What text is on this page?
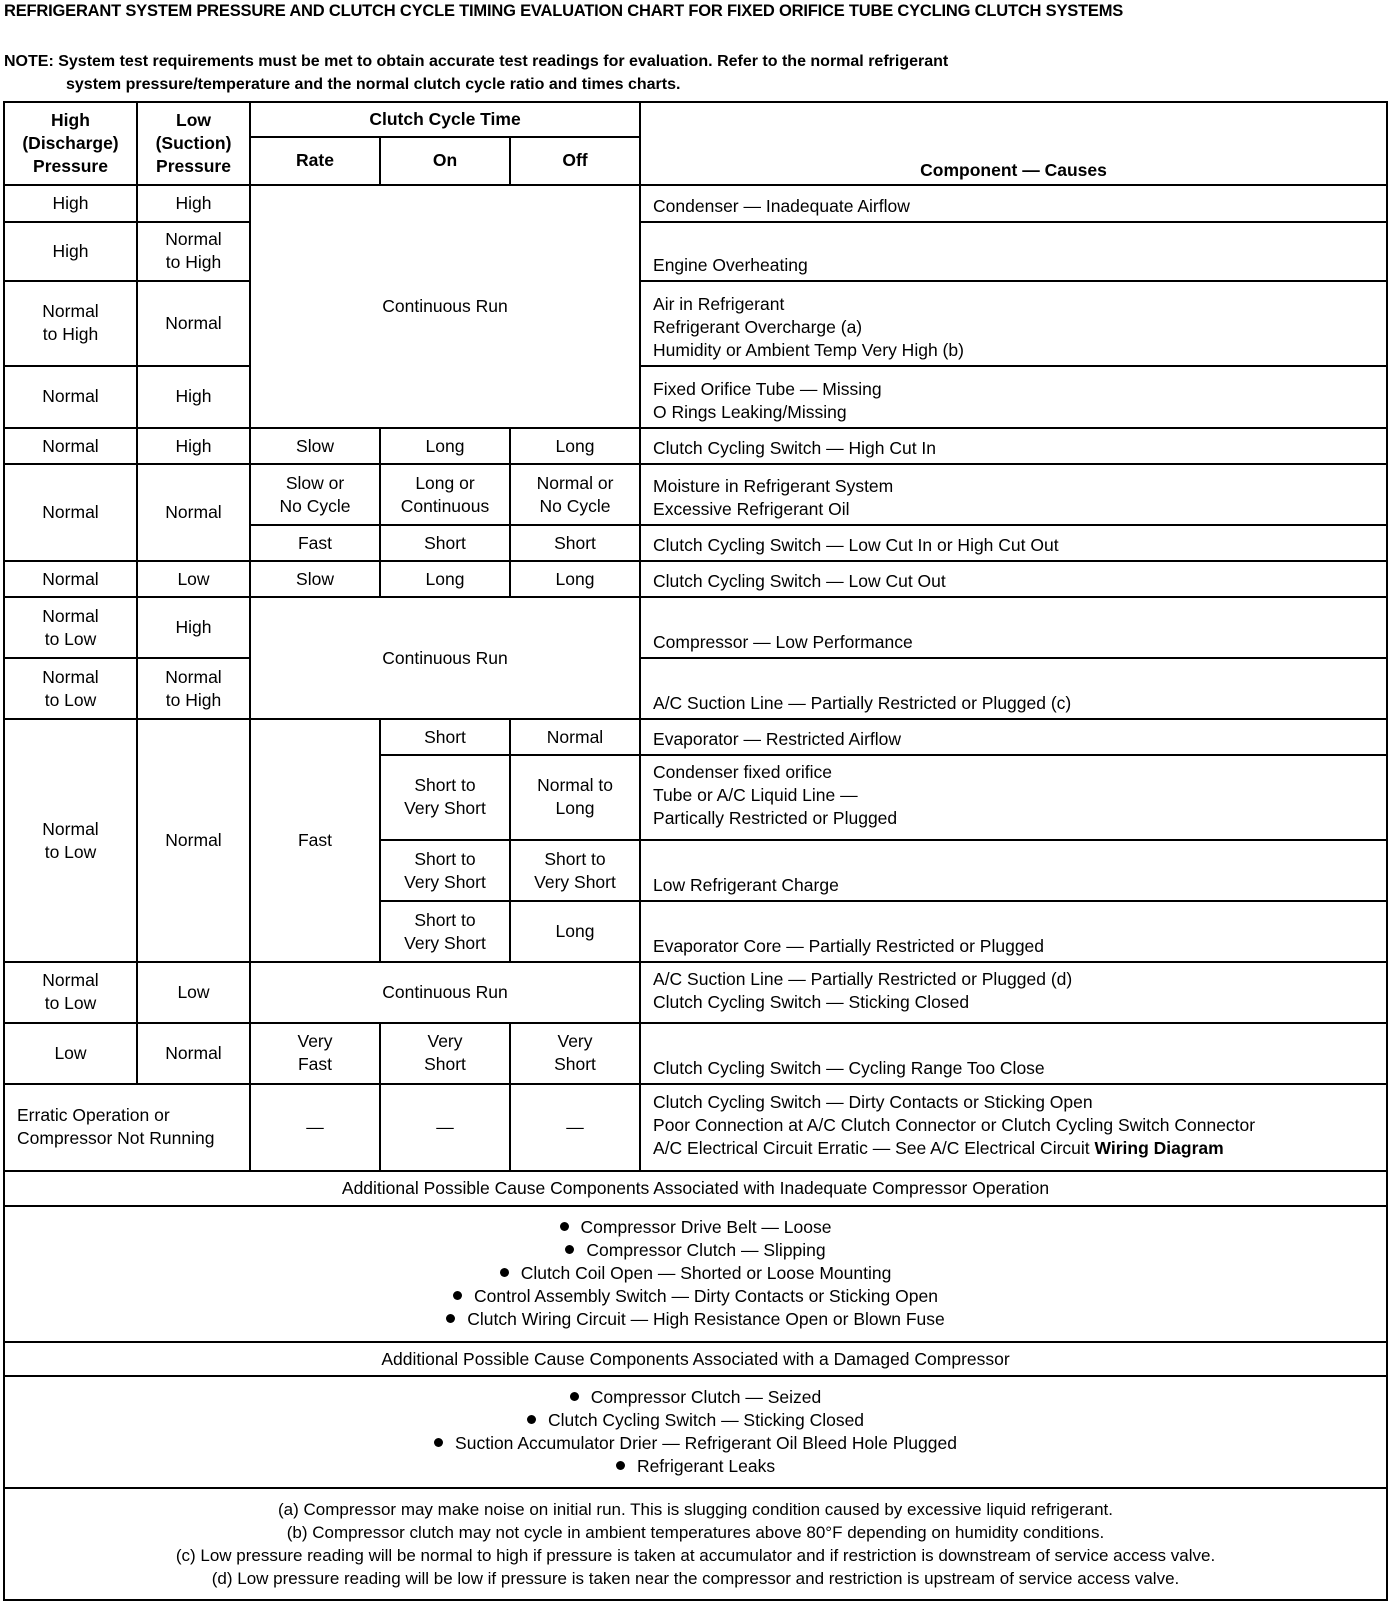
REFRIGERANT SYSTEM PRESSURE AND CLUTCH CYCLE TIMING EVALUATION CHART FOR FIXED ORIFICE TUBE CYCLING CLUTCH SYSTEMS
NOTE: System test requirements must be met to obtain accurate test readings for evaluation. Refer to the normal refrigerant
system pressure/temperature and the normal clutch cycle ratio and times charts.
High
(Discharge)
Pressure	Low
(Suction)
Pressure	Clutch Cycle Time			Component — Causes
		Rate	On	Off	

High	High	Continuous Run			Condenser — Inadequate Airflow

High	Normal
to High				Engine Overheating

Normal
to High	Normal				Air in Refrigerant
Refrigerant Overcharge (a)
Humidity or Ambient Temp Very High (b)

Normal	High				Fixed Orifice Tube — Missing
O Rings Leaking/Missing

Normal	High	Slow	Long	Long	Clutch Cycling Switch — High Cut In

Normal	Normal	Slow or
No Cycle	Long or
Continuous	Normal or
No Cycle	Moisture in Refrigerant System
Excessive Refrigerant Oil

		Fast	Short	Short	Clutch Cycling Switch — Low Cut In or High Cut Out

Normal	Low	Slow	Long	Long	Clutch Cycling Switch — Low Cut Out

Normal
to Low	High	Continuous Run			Compressor — Low Performance

Normal
to Low	Normal
to High				A/C Suction Line — Partially Restricted or Plugged (c)

Normal
to Low	Normal	Fast	Short	Normal	Evaporator — Restricted Airflow

			Short to
Very Short	Normal to
Long	Condenser fixed orifice
Tube or A/C Liquid Line —
Partically Restricted or Plugged

			Short to
Very Short	Short to
Very Short	Low Refrigerant Charge

			Short to
Very Short	Long	Evaporator Core — Partially Restricted or Plugged

Normal
to Low	Low	Continuous Run			A/C Suction Line — Partially Restricted or Plugged (d)
Clutch Cycling Switch — Sticking Closed

Low	Normal	Very
Fast	Very
Short	Very
Short	Clutch Cycling Switch — Cycling Range Too Close

Erratic Operation or
Compressor Not Running		—	—	—	Clutch Cycling Switch — Dirty Contacts or Sticking Open
Poor Connection at A/C Clutch Connector or Clutch Cycling Switch Connector
A/C Electrical Circuit Erratic — See A/C Electrical Circuit Wiring Diagram

Additional Possible Cause Components Associated with Inadequate Compressor Operation					

Compressor Drive Belt — Loose
Compressor Clutch — Slipping
Clutch Coil Open — Shorted or Loose Mounting
Control Assembly Switch — Dirty Contacts or Sticking Open
Clutch Wiring Circuit — High Resistance Open or Blown Fuse					

Additional Possible Cause Components Associated with a Damaged Compressor					

Compressor Clutch — Seized
Clutch Cycling Switch — Sticking Closed
Suction Accumulator Drier — Refrigerant Oil Bleed Hole Plugged
Refrigerant Leaks					

(a) Compressor may make noise on initial run. This is slugging condition caused by excessive liquid refrigerant.
(b) Compressor clutch may not cycle in ambient temperatures above 80°F depending on humidity conditions.
(c) Low pressure reading will be normal to high if pressure is taken at accumulator and if restriction is downstream of service access valve.
(d) Low pressure reading will be low if pressure is taken near the compressor and restriction is upstream of service access valve.					
